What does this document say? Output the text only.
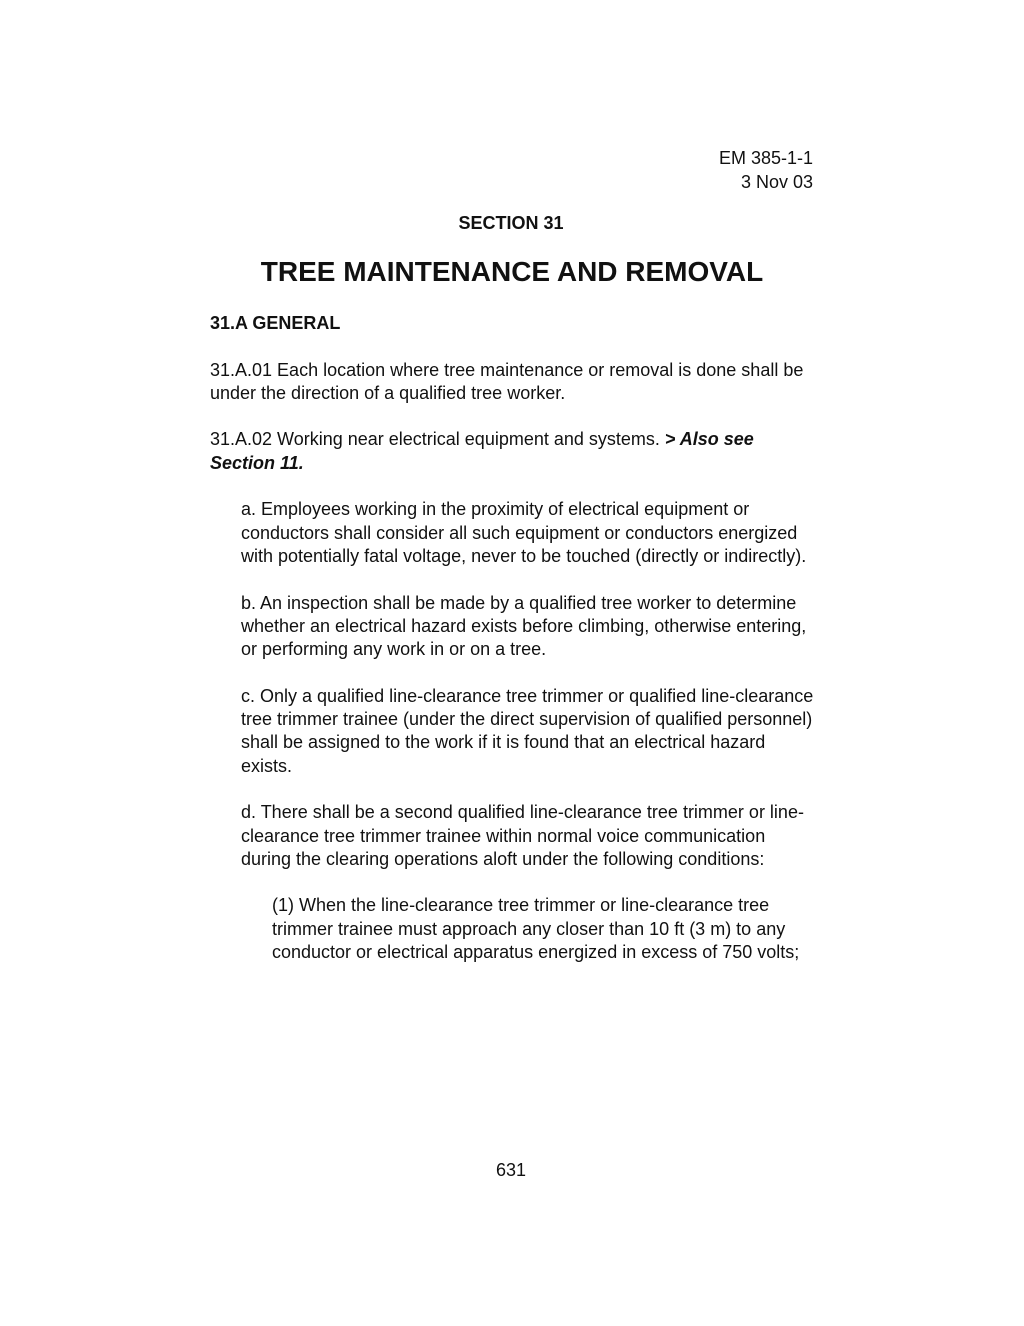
EM 385-1-1
3 Nov 03
SECTION 31
TREE MAINTENANCE AND REMOVAL

31.A GENERAL

31.A.01 Each location where tree maintenance or removal is done shall be under the direction of a qualified tree worker.

31.A.02 Working near electrical equipment and systems. > Also see Section 11.

a. Employees working in the proximity of electrical equipment or conductors shall consider all such equipment or conductors energized with potentially fatal voltage, never to be touched (directly or indirectly).

b. An inspection shall be made by a qualified tree worker to determine whether an electrical hazard exists before climbing, otherwise entering, or performing any work in or on a tree.

c. Only a qualified line-clearance tree trimmer or qualified line-clearance tree trimmer trainee (under the direct supervision of qualified personnel) shall be assigned to the work if it is found that an electrical hazard exists.

d. There shall be a second qualified line-clearance tree trimmer or line-clearance tree trimmer trainee within normal voice communication during the clearing operations aloft under the following conditions:

(1) When the line-clearance tree trimmer or line-clearance tree trimmer trainee must approach any closer than 10 ft (3 m) to any conductor or electrical apparatus energized in excess of 750 volts;

631
